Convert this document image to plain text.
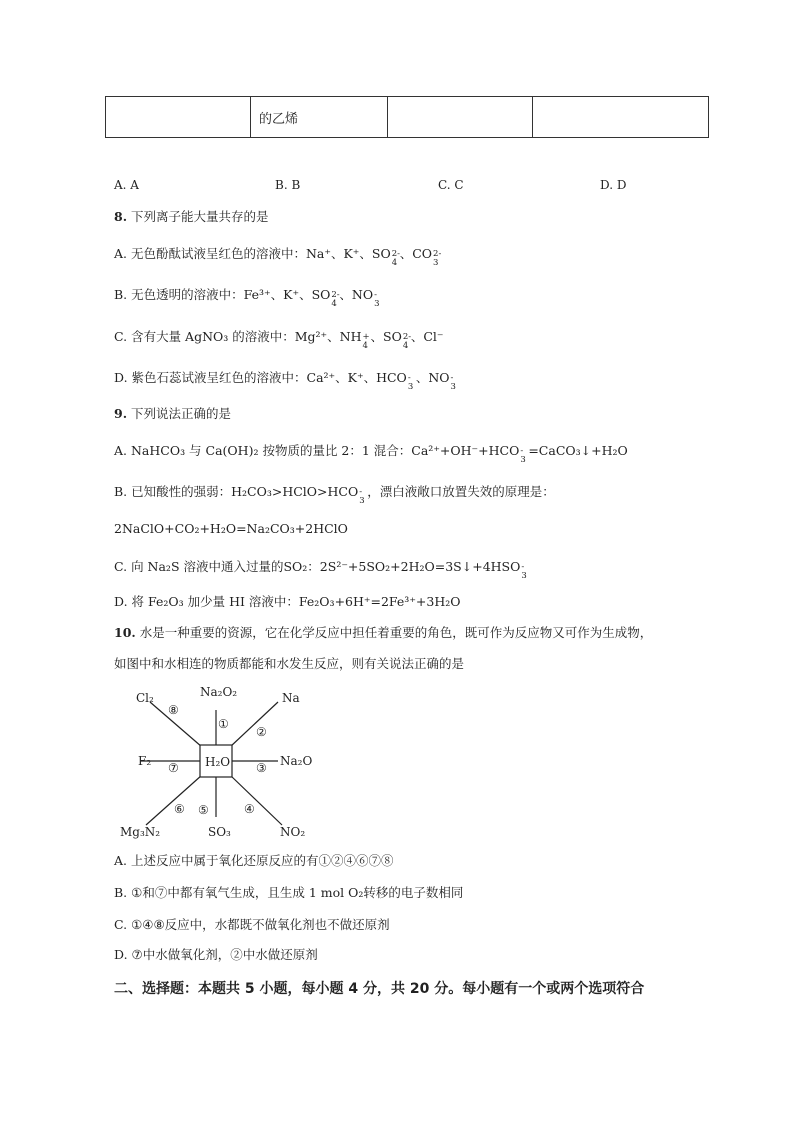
	的乙烯		
A. A	B. B	C. C	D. D
8. 下列离子能大量共存的是
A. 无色酚酞试液呈红色的溶液中：Na⁺、K⁺、SO 2-
4
、CO 2-
3
B. 无色透明的溶液中：Fe³⁺、K⁺、SO 2-
4
、NO -
3
C. 含有大量 AgNO₃ 的溶液中：Mg²⁺、NH +
4
、SO 2-
4
、Cl⁻
D. 紫色石蕊试液呈红色的溶液中：Ca²⁺、K⁺、HCO -
3
、NO -
3
9. 下列说法正确的是
A. NaHCO₃ 与 Ca(OH)₂ 按物质的量比 2：1 混合：Ca²⁺+OH⁻+HCO -
3
=CaCO₃↓+H₂O
B. 已知酸性的强弱：H₂CO₃>HClO>HCO -
3
，漂白液敞口放置失效的原理是：
2NaClO+CO₂+H₂O=Na₂CO₃+2HClO
C. 向 Na₂S 溶液中通入过量的SO₂：2S²⁻+5SO₂+2H₂O=3S↓+4HSO -
3
D. 将 Fe₂O₃ 加少量 HI 溶液中：Fe₂O₃+6H⁺=2Fe³⁺+3H₂O
10. 水是一种重要的资源，它在化学反应中担任着重要的角色，既可作为反应物又可作为生成物，
如图中和水相连的物质都能和水发生反应，则有关说法正确的是
H₂O
Na₂O₂	Na
Na₂O
NO₂
SO₃
Mg₃N₂
F₂
Cl₂
①
②
③
④
⑤
⑥
⑦
⑧
A. 上述反应中属于氧化还原反应的有①②④⑥⑦⑧
B. ①和⑦中都有氧气生成，且生成 1 mol O₂转移的电子数相同
C. ①④⑧反应中，水都既不做氧化剂也不做还原剂
D. ⑦中水做氧化剂，②中水做还原剂
二、选择题：本题共 5 小题，每小题 4 分，共 20 分。每小题有一个或两个选项符合
